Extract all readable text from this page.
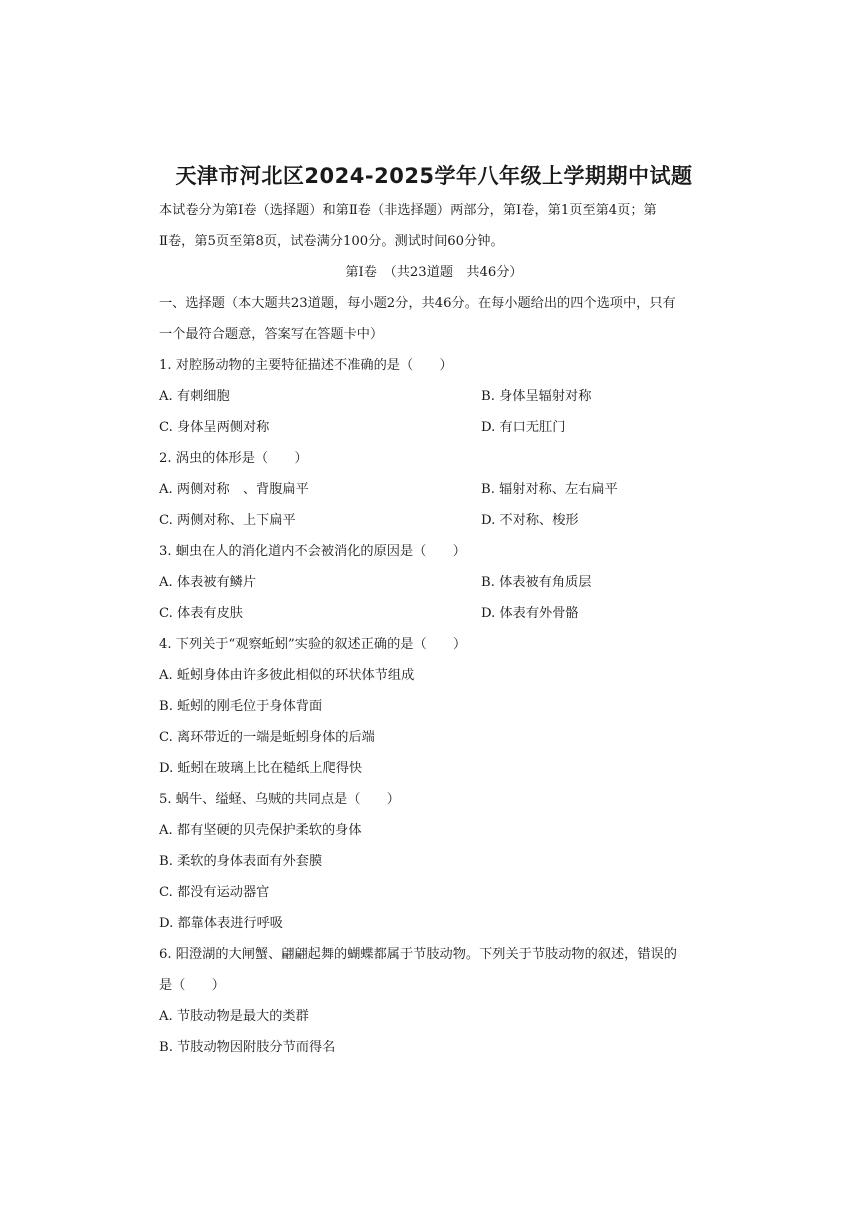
天津市河北区2024-2025学年八年级上学期期中试题
本试卷分为第Ⅰ卷（选择题）和第Ⅱ卷（非选择题）两部分，第Ⅰ卷，第1页至第4页；第
Ⅱ卷，第5页至第8页，试卷满分100分。测试时间60分钟。
第Ⅰ卷　（共23道题　共46分）
一、选择题（本大题共23道题，每小题2分，共46分。在每小题给出的四个选项中，只有
一个最符合题意，答案写在答题卡中）
1. 对腔肠动物的主要特征描述不准确的是（　　）
A. 有刺细胞	B. 身体呈辐射对称
C. 身体呈两侧对称	D. 有口无肛门
2. 涡虫的体形是（　　）
A. 两侧对称　、背腹扁平	B. 辐射对称、左右扁平
C. 两侧对称、上下扁平	D. 不对称、梭形
3. 蛔虫在人的消化道内不会被消化的原因是（　　）
A. 体表被有鳞片	B. 体表被有角质层
C. 体表有皮肤	D. 体表有外骨骼
4. 下列关于“观察蚯蚓”实验的叙述正确的是（　　）
A. 蚯蚓身体由许多彼此相似的环状体节组成
B. 蚯蚓的刚毛位于身体背面
C. 离环带近的一端是蚯蚓身体的后端
D. 蚯蚓在玻璃上比在糙纸上爬得快
5. 蜗牛、缢蛏、乌贼的共同点是（　　）
A. 都有坚硬的贝壳保护柔软的身体
B. 柔软的身体表面有外套膜
C. 都没有运动器官
D. 都靠体表进行呼吸
6. 阳澄湖的大闸蟹、翩翩起舞的蝴蝶都属于节肢动物。下列关于节肢动物的叙述，错误的
是（　　）
A. 节肢动物是最大的类群
B. 节肢动物因附肢分节而得名
